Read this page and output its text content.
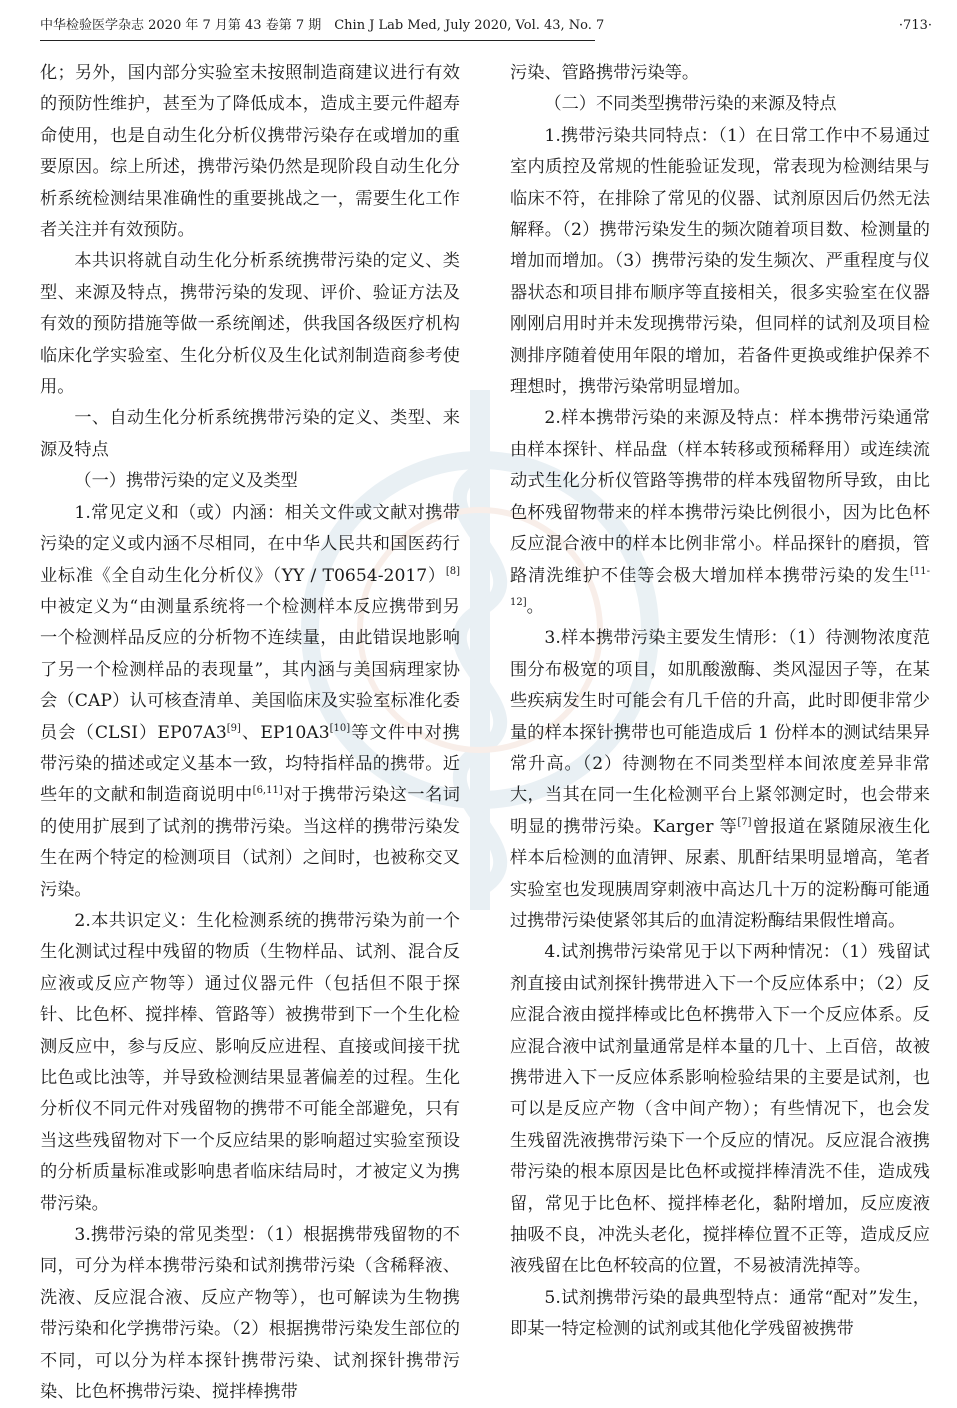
中华检验医学杂志 2020 年 7 月第 43 卷第 7 期　Chin J Lab Med, July 2020, Vol. 43, No. 7	·713·

化；另外，国内部分实验室未按照制造商建议进行有效的预防性维护，甚至为了降低成本，造成主要元件超寿命使用，也是自动生化分析仪携带污染存在或增加的重要原因。综上所述，携带污染仍然是现阶段自动生化分析系统检测结果准确性的重要挑战之一，需要生化工作者关注并有效预防。

本共识将就自动生化分析系统携带污染的定义、类型、来源及特点，携带污染的发现、评价、验证方法及有效的预防措施等做一系统阐述，供我国各级医疗机构临床化学实验室、生化分析仪及生化试剂制造商参考使用。

一、自动生化分析系统携带污染的定义、类型、来源及特点

（一）携带污染的定义及类型

1.常见定义和（或）内涵：相关文件或文献对携带污染的定义或内涵不尽相同，在中华人民共和国医药行业标准《全自动生化分析仪》（YY / T0654-2017）[8]中被定义为“由测量系统将一个检测样本反应携带到另一个检测样品反应的分析物不连续量，由此错误地影响了另一个检测样品的表现量”，其内涵与美国病理家协会（CAP）认可核查清单、美国临床及实验室标准化委员会（CLSI）EP07A3[9]、EP10A3[10]等文件中对携带污染的描述或定义基本一致，均特指样品的携带。近些年的文献和制造商说明中[6,11]对于携带污染这一名词的使用扩展到了试剂的携带污染。当这样的携带污染发生在两个特定的检测项目（试剂）之间时，也被称交叉污染。

2.本共识定义：生化检测系统的携带污染为前一个生化测试过程中残留的物质（生物样品、试剂、混合反应液或反应产物等）通过仪器元件（包括但不限于探针、比色杯、搅拌棒、管路等）被携带到下一个生化检测反应中，参与反应、影响反应进程、直接或间接干扰比色或比浊等，并导致检测结果显著偏差的过程。生化分析仪不同元件对残留物的携带不可能全部避免，只有当这些残留物对下一个反应结果的影响超过实验室预设的分析质量标准或影响患者临床结局时，才被定义为携带污染。

3.携带污染的常见类型：（1）根据携带残留物的不同，可分为样本携带污染和试剂携带污染（含稀释液、洗液、反应混合液、反应产物等），也可解读为生物携带污染和化学携带污染。（2）根据携带污染发生部位的不同，可以分为样本探针携带污染、试剂探针携带污染、比色杯携带污染、搅拌棒携带

污染、管路携带污染等。

（二）不同类型携带污染的来源及特点

1.携带污染共同特点：（1）在日常工作中不易通过室内质控及常规的性能验证发现，常表现为检测结果与临床不符，在排除了常见的仪器、试剂原因后仍然无法解释。（2）携带污染发生的频次随着项目数、检测量的增加而增加。（3）携带污染的发生频次、严重程度与仪器状态和项目排布顺序等直接相关，很多实验室在仪器刚刚启用时并未发现携带污染，但同样的试剂及项目检测排序随着使用年限的增加，若备件更换或维护保养不理想时，携带污染常明显增加。

2.样本携带污染的来源及特点：样本携带污染通常由样本探针、样品盘（样本转移或预稀释用）或连续流动式生化分析仪管路等携带的样本残留物所导致，由比色杯残留物带来的样本携带污染比例很小，因为比色杯反应混合液中的样本比例非常小。样品探针的磨损，管路清洗维护不佳等会极大增加样本携带污染的发生[11-12]。

3.样本携带污染主要发生情形：（1）待测物浓度范围分布极宽的项目，如肌酸激酶、类风湿因子等，在某些疾病发生时可能会有几千倍的升高，此时即便非常少量的样本探针携带也可能造成后 1 份样本的测试结果异常升高。（2）待测物在不同类型样本间浓度差异非常大，当其在同一生化检测平台上紧邻测定时，也会带来明显的携带污染。Karger 等[7]曾报道在紧随尿液生化样本后检测的血清钾、尿素、肌酐结果明显增高，笔者实验室也发现胰周穿刺液中高达几十万的淀粉酶可能通过携带污染使紧邻其后的血清淀粉酶结果假性增高。

4.试剂携带污染常见于以下两种情况：（1）残留试剂直接由试剂探针携带进入下一个反应体系中；（2）反应混合液由搅拌棒或比色杯携带入下一个反应体系。反应混合液中试剂量通常是样本量的几十、上百倍，故被携带进入下一反应体系影响检验结果的主要是试剂，也可以是反应产物（含中间产物）；有些情况下，也会发生残留洗液携带污染下一个反应的情况。反应混合液携带污染的根本原因是比色杯或搅拌棒清洗不佳，造成残留，常见于比色杯、搅拌棒老化，黏附增加，反应废液抽吸不良，冲洗头老化，搅拌棒位置不正等，造成反应液残留在比色杯较高的位置，不易被清洗掉等。

5.试剂携带污染的最典型特点：通常“配对”发生，即某一特定检测的试剂或其他化学残留被携带
